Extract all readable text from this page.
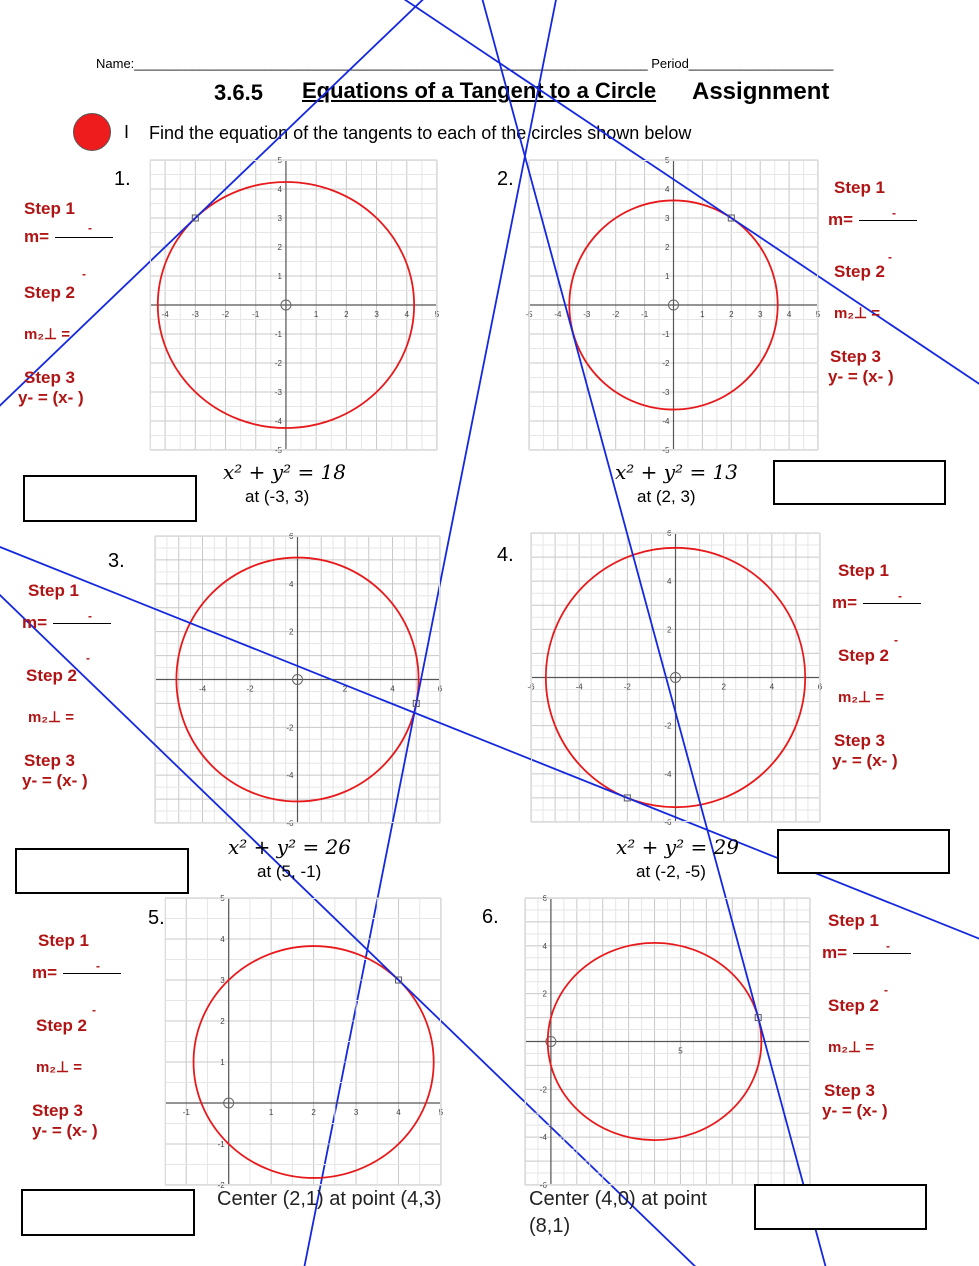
Name:_______________________________________________________________________ Period____________________
3.6.5 Equations of a Tangent to a Circle Assignment
I Find the equation of the tangents to each of the circles shown below
1.	2.
3.	4.
5.	6.
-4	-3	-2	-1	1	2	3	4	5
-5
-4
-3
-2
-1
1
2
3
4
5
-5	-4	-3	-2	-1	1	2	3	4	5
-5
-4
-3
-2
-1
1
2
3
4
5
-4	-2	2	4	6
-6
-4
-2
2
4
6
-6	-4	-2	2	4	6
-6
-4
-2
2
4
6
-1	1	2	3	4	5
-2
-1
1
2
3
4
5
5
-6
-4
-2
2
4
6
Step 1
-
m=
-
Step 2
m₂⊥ =
Step 3
y- = (x- )
Step 1
-
m=
-
Step 2
m₂⊥ =
Step 3
y- = (x- )
Step 1
-
m=
-
Step 2
m₂⊥ =
Step 3
y- = (x- )
Step 1
-
m=
-
Step 2
m₂⊥ =
Step 3
y- = (x- )
Step 1
-
m=
-
Step 2
m₂⊥ =
Step 3
y- = (x- )
Step 1
-
m=
-
Step 2
m₂⊥ =
Step 3
y- = (x- )
x² + y² = 18
at (-3, 3)
x² + y² = 13
at (2, 3)
x² + y² = 26
at (5, -1)
x² + y² = 29
at (-2, -5)
Center (2,1) at point (4,3)	Center (4,0) at point
(8,1)
